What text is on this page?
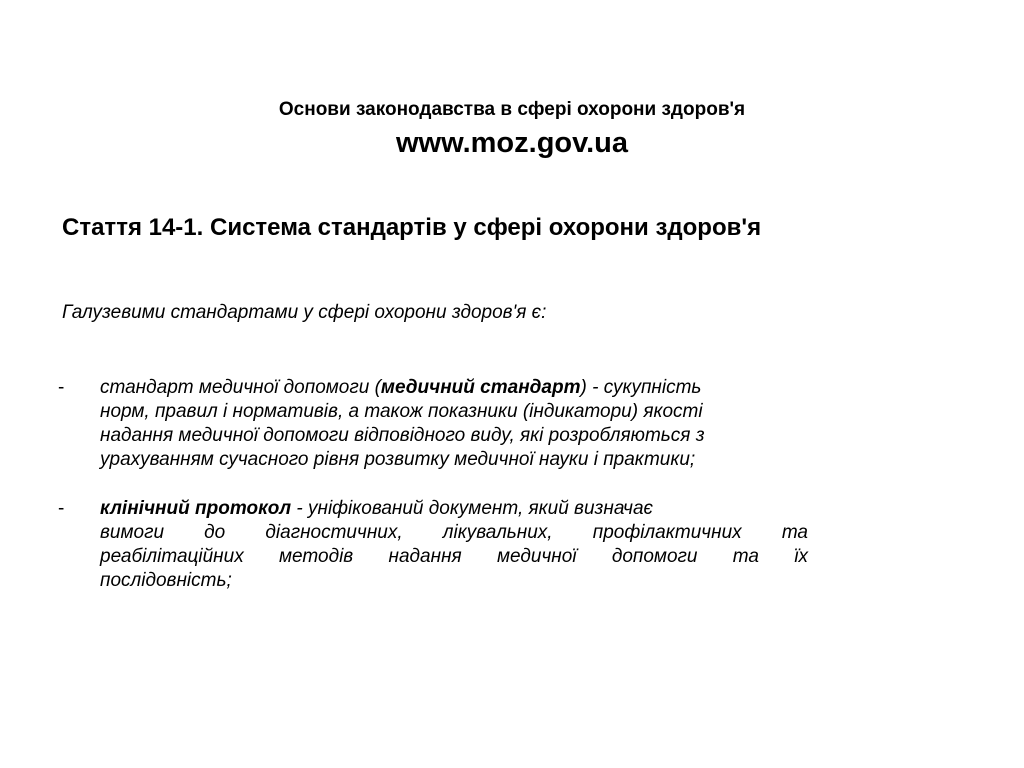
Основи законодавства в сфері охорони здоров'я

www.moz.gov.ua

Стаття 14-1. Система стандартів у сфері охорони здоров'я

Галузевими стандартами у сфері охорони здоров'я є:

- стандарт медичної допомоги (медичний стандарт) - сукупність
норм, правил і нормативів, а також показники (індикатори) якості
надання медичної допомоги відповідного виду, які розробляються з
урахуванням сучасного рівня розвитку медичної науки і практики;
- клінічний протокол - уніфікований документ, який визначає
вимоги до діагностичних, лікувальних, профілактичних та
реабілітаційних методів надання медичної допомоги та їх
послідовність;
